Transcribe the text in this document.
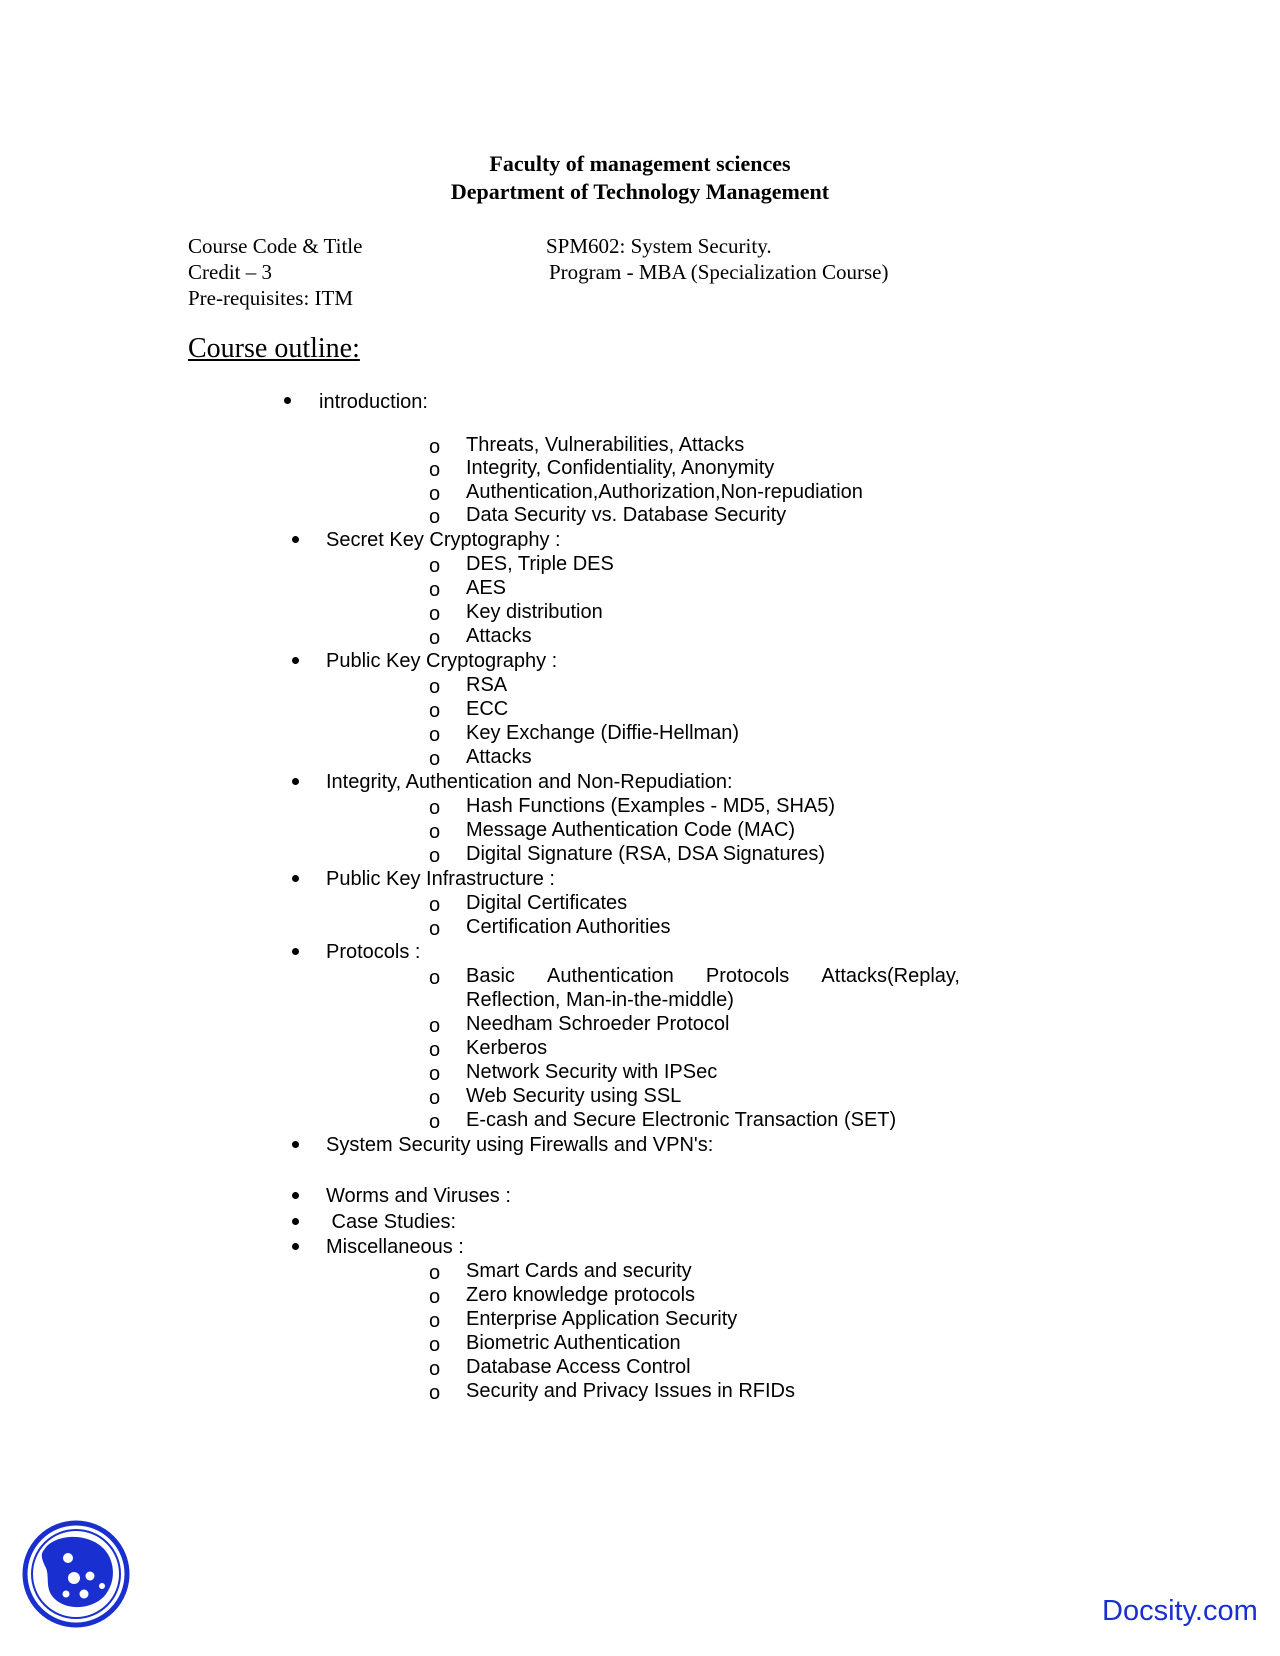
Faculty of management sciences
Department of Technology Management
Course Code & Title	SPM602: System Security.
Credit – 3	Program - MBA (Specialization Course)
Pre-requisites: ITM
Course outline:
introduction:
o Threats, Vulnerabilities, Attacks
o Integrity, Confidentiality, Anonymity
o Authentication,Authorization,Non-repudiation
o Data Security vs. Database Security
Secret Key Cryptography :
o DES, Triple DES
o AES
o Key distribution
o Attacks
Public Key Cryptography :
o RSA
o ECC
o Key Exchange (Diffie-Hellman)
o Attacks
Integrity, Authentication and Non-Repudiation:
o Hash Functions (Examples - MD5, SHA5)
o Message Authentication Code (MAC)
o Digital Signature (RSA, DSA Signatures)
Public Key Infrastructure :
o Digital Certificates
o Certification Authorities
Protocols :
o Basic Authentication Protocols Attacks(Replay,
Reflection, Man-in-the-middle)
o Needham Schroeder Protocol
o Kerberos
o Network Security with IPSec
o Web Security using SSL
o E-cash and Secure Electronic Transaction (SET)
System Security using Firewalls and VPN's:
Worms and Viruses :
Case Studies:
Miscellaneous :
o Smart Cards and security
o Zero knowledge protocols
o Enterprise Application Security
o Biometric Authentication
o Database Access Control
o Security and Privacy Issues in RFIDs
Docsity.com
